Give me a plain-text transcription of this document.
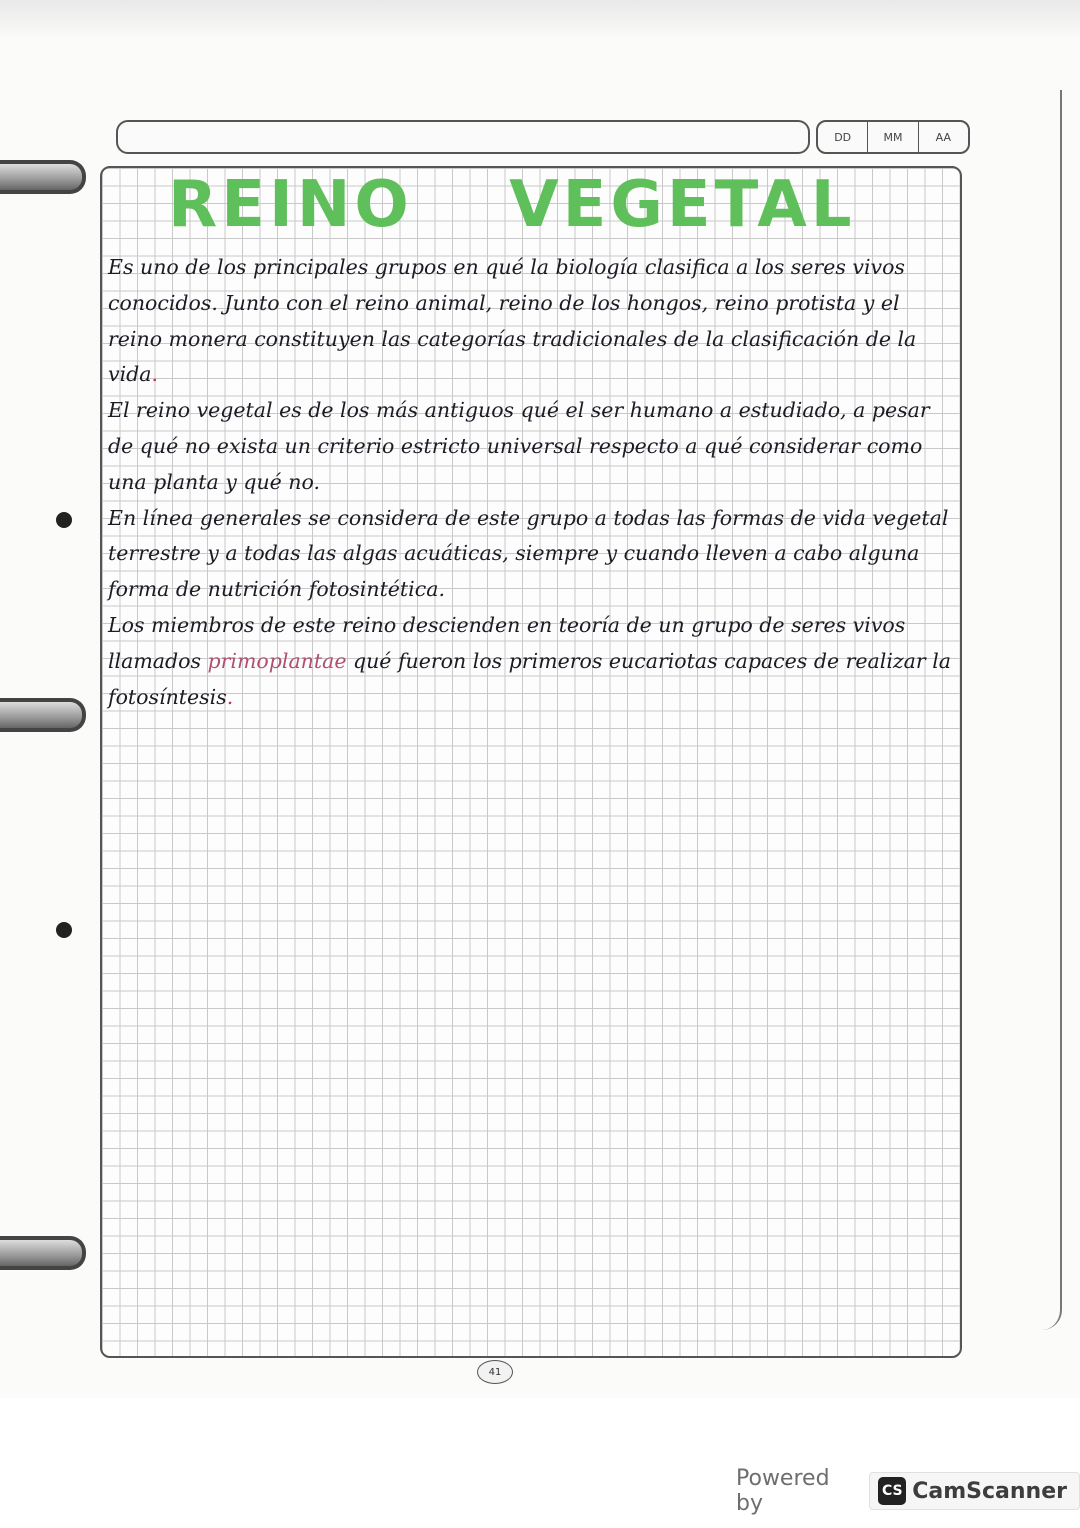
DD	MM	AA
REINO VEGETAL

Es uno de los principales grupos en qué la biología clasifica a los seres vivos conocidos. Junto con el reino animal, reino de los hongos, reino protista y el reino monera constituyen las categorías tradicionales de la clasificación de la vida.

El reino vegetal es de los más antiguos qué el ser humano a estudiado, a pesar de qué no exista un criterio estricto universal respecto a qué considerar como una planta y qué no.

En línea generales se considera de este grupo a todas las formas de vida vegetal terrestre y a todas las algas acuáticas, siempre y cuando lleven a cabo alguna forma de nutrición fotosintética.

Los miembros de este reino descienden en teoría de un grupo de seres vivos llamados primoplantae qué fueron los primeros eucariotas capaces de realizar la fotosíntesis.

41
Powered by	CS CamScanner
